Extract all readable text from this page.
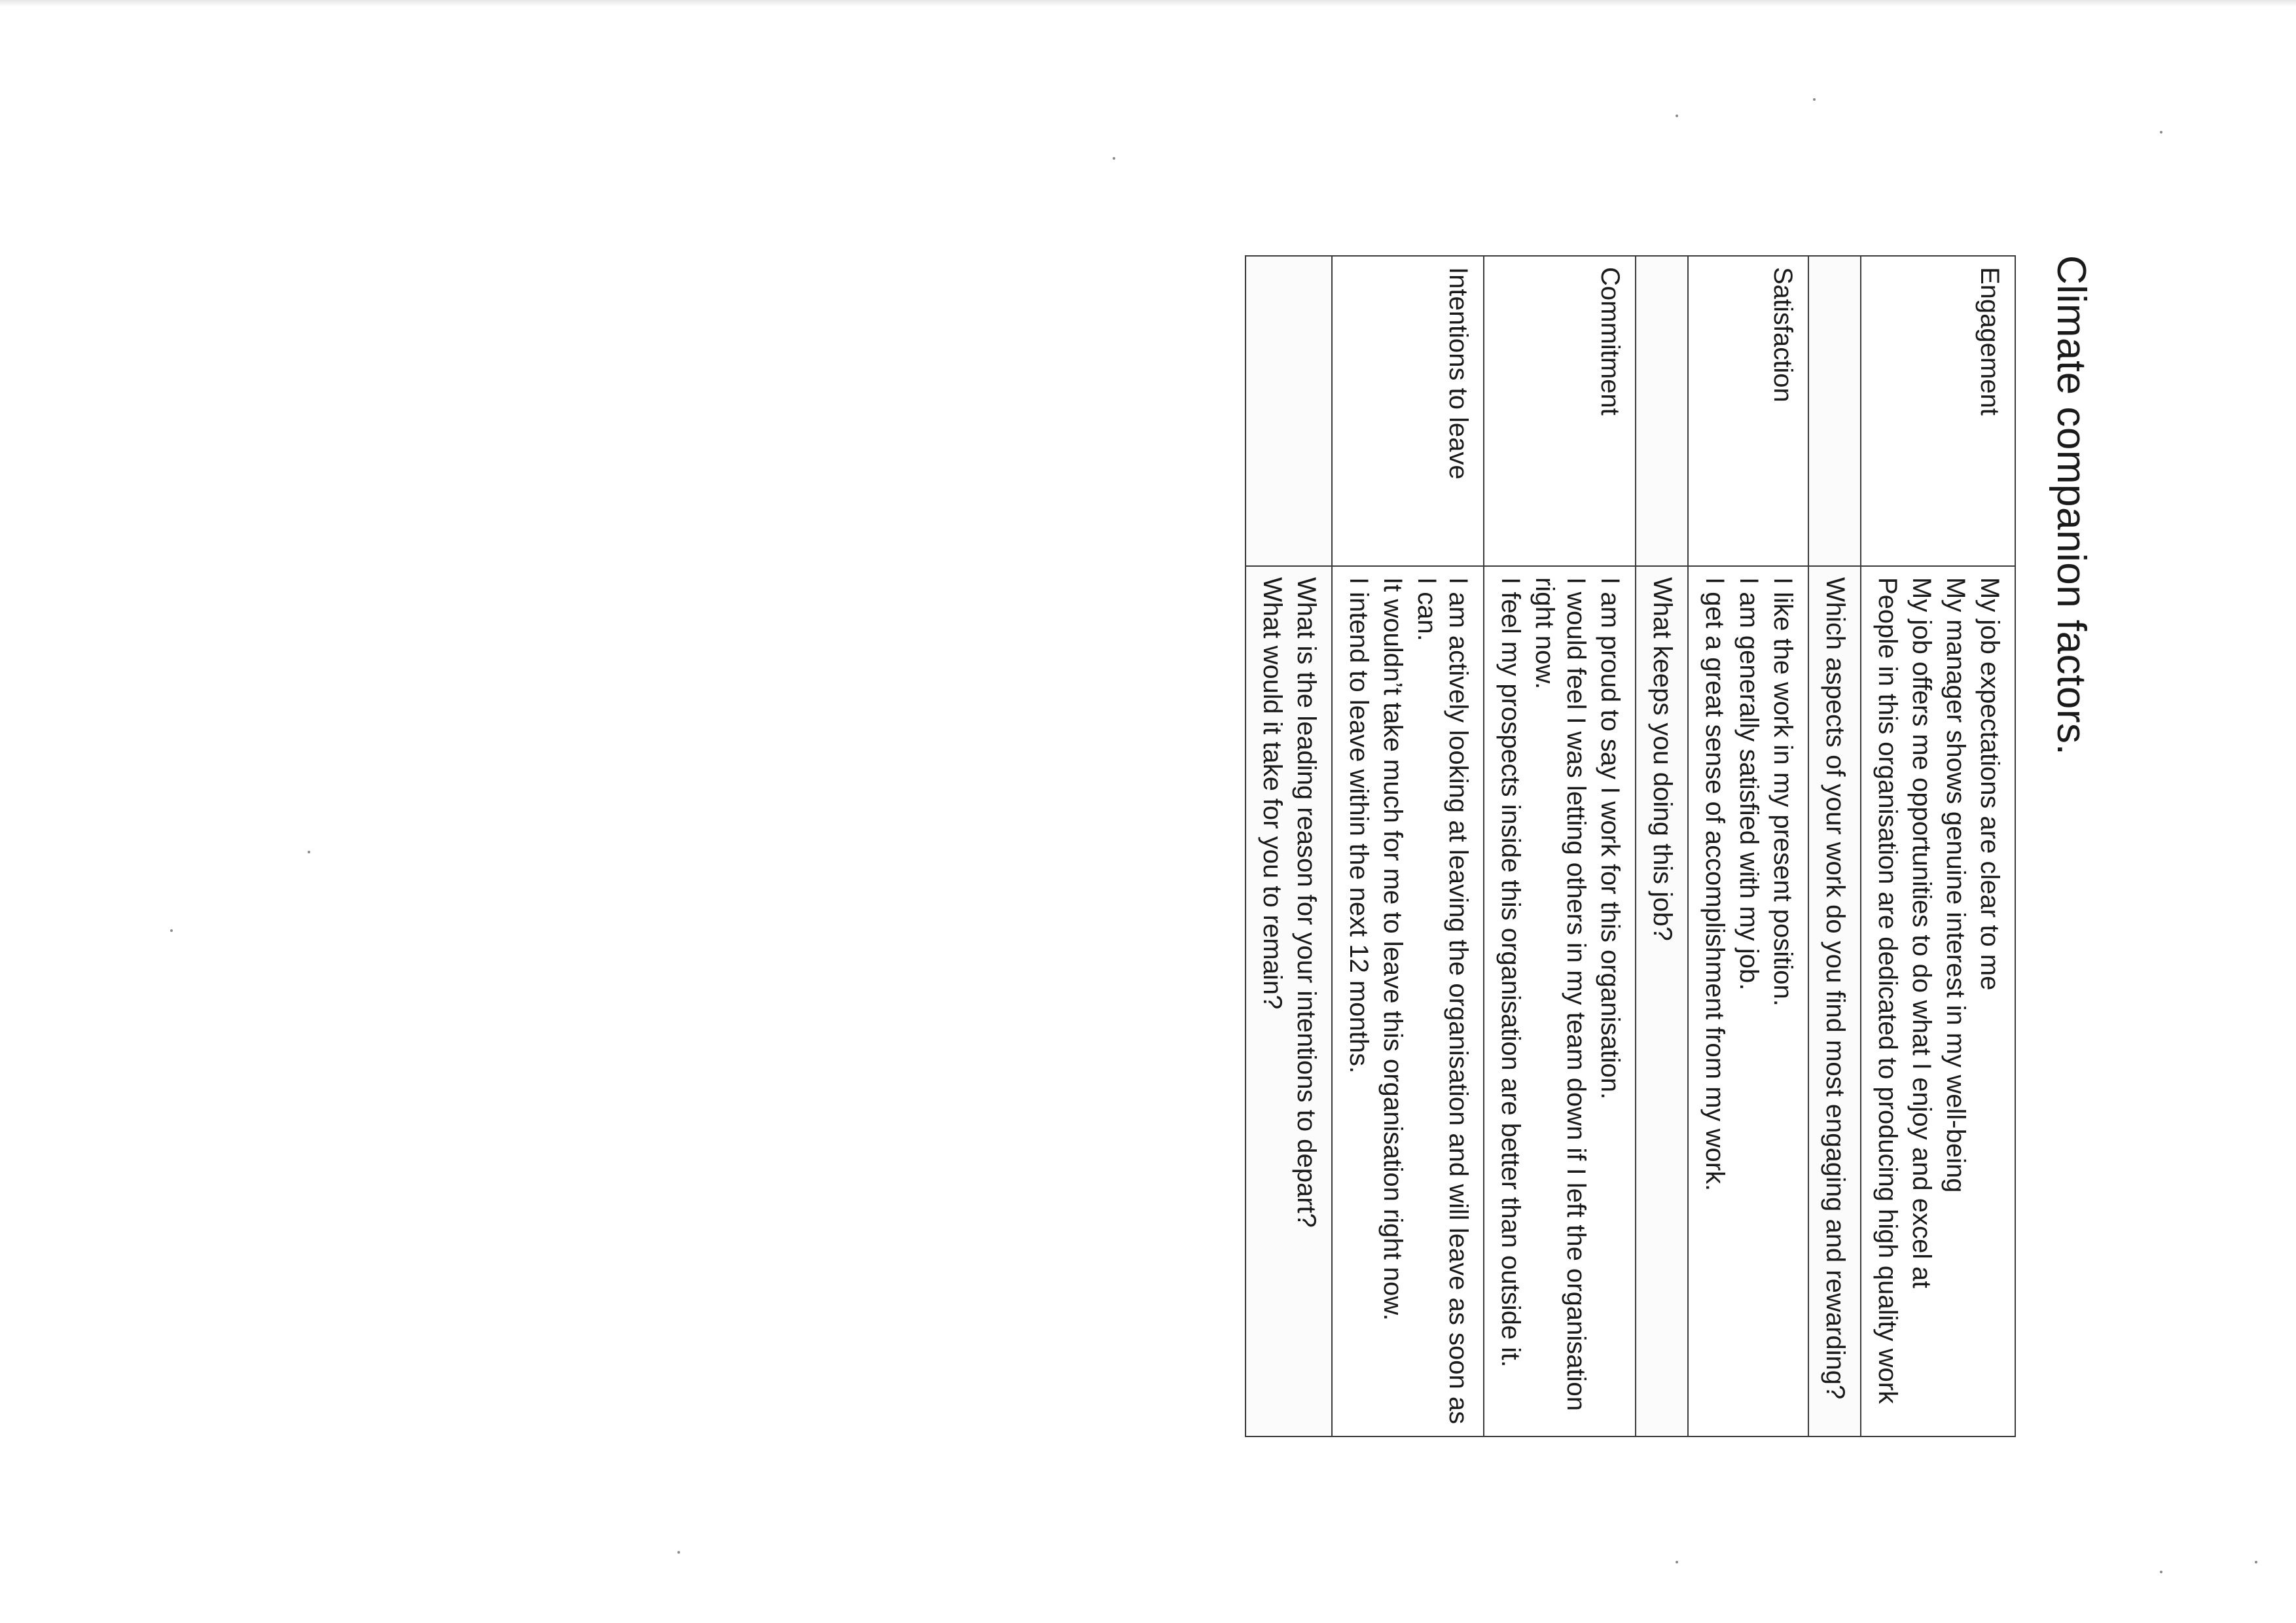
Climate companion factors.
Engagement	My job expectations are clear to me
My manager shows genuine interest in my well-being
My job offers me opportunities to do what I enjoy and excel at
People in this organisation are dedicated to producing high quality work

	Which aspects of your work do you find most engaging and rewarding?

Satisfaction	I like the work in my present position.
I am generally satisfied with my job.
I get a great sense of accomplishment from my work.

	What keeps you doing this job?

Commitment	I am proud to say I work for this organisation.
I would feel I was letting others in my team down if I left the organisation right now.
I feel my prospects inside this organisation are better than outside it.

Intentions to leave	I am actively looking at leaving the organisation and will leave as soon as I can.
It wouldn’t take much for me to leave this organisation right now.
I intend to leave within the next 12 months.

	What is the leading reason for your intentions to depart?
What would it take for you to remain?
